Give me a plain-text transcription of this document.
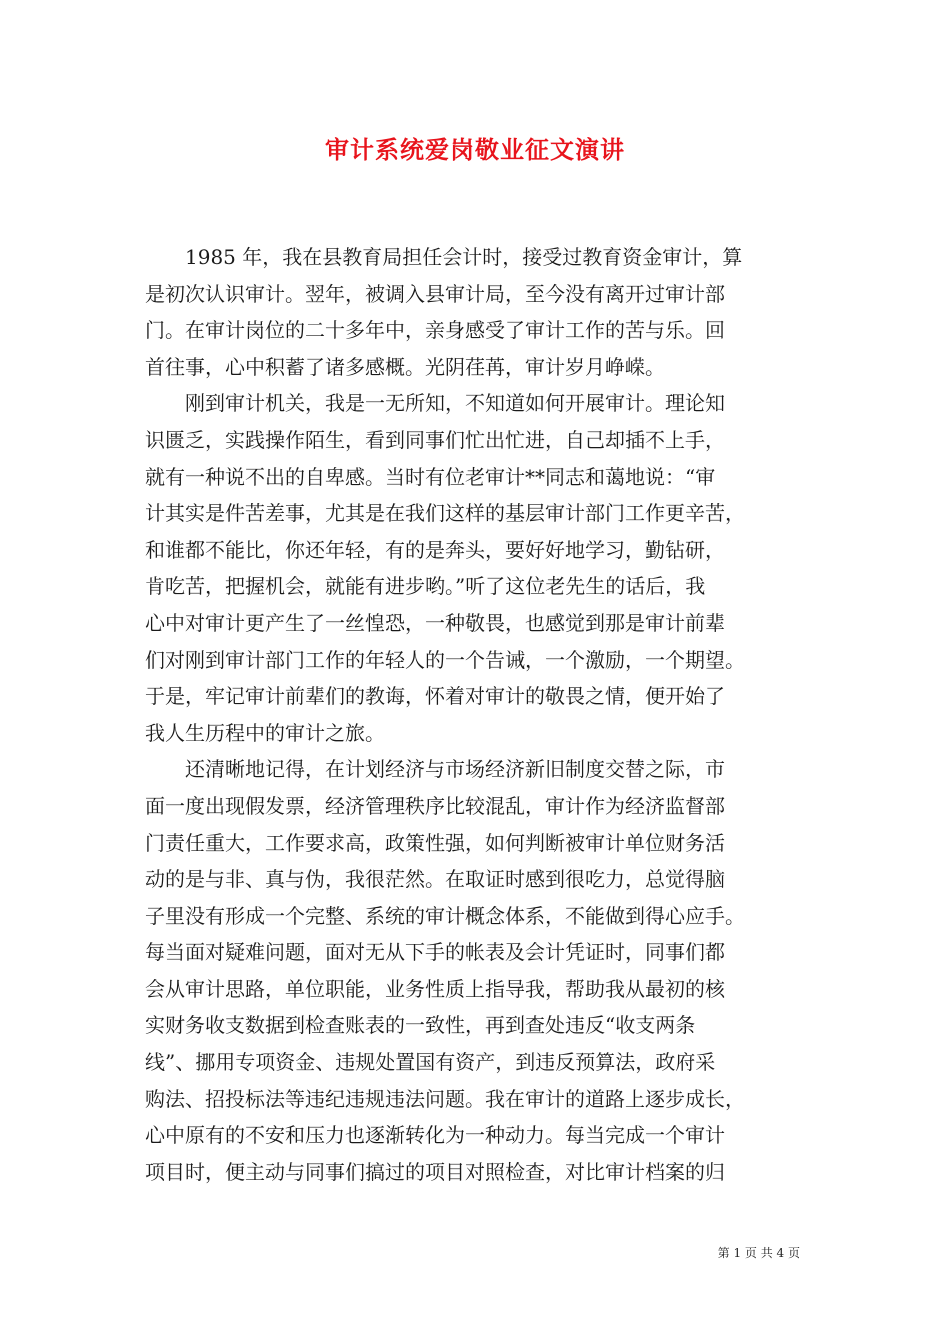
审计系统爱岗敬业征文演讲
1985 年，我在县教育局担任会计时，接受过教育资金审计，算
是初次认识审计。翌年，被调入县审计局，至今没有离开过审计部
门。在审计岗位的二十多年中，亲身感受了审计工作的苦与乐。回
首往事，心中积蓄了诸多感概。光阴荏苒，审计岁月峥嵘。
刚到审计机关，我是一无所知，不知道如何开展审计。理论知
识匮乏，实践操作陌生，看到同事们忙出忙进，自己却插不上手，
就有一种说不出的自卑感。当时有位老审计**同志和蔼地说：“审
计其实是件苦差事，尤其是在我们这样的基层审计部门工作更辛苦，
和谁都不能比，你还年轻，有的是奔头，要好好地学习，勤钻研，
肯吃苦，把握机会，就能有进步哟。”听了这位老先生的话后，我
心中对审计更产生了一丝惶恐，一种敬畏，也感觉到那是审计前辈
们对刚到审计部门工作的年轻人的一个告诫，一个激励，一个期望。
于是，牢记审计前辈们的教诲，怀着对审计的敬畏之情，便开始了
我人生历程中的审计之旅。
还清晰地记得，在计划经济与市场经济新旧制度交替之际，市
面一度出现假发票，经济管理秩序比较混乱，审计作为经济监督部
门责任重大，工作要求高，政策性强，如何判断被审计单位财务活
动的是与非、真与伪，我很茫然。在取证时感到很吃力，总觉得脑
子里没有形成一个完整、系统的审计概念体系，不能做到得心应手。
每当面对疑难问题，面对无从下手的帐表及会计凭证时，同事们都
会从审计思路，单位职能，业务性质上指导我，帮助我从最初的核
实财务收支数据到检查账表的一致性，再到查处违反“收支两条
线”、挪用专项资金、违规处置国有资产，到违反预算法，政府采
购法、招投标法等违纪违规违法问题。我在审计的道路上逐步成长，
心中原有的不安和压力也逐渐转化为一种动力。每当完成一个审计
项目时，便主动与同事们搞过的项目对照检查，对比审计档案的归
第 1 页 共 4 页
